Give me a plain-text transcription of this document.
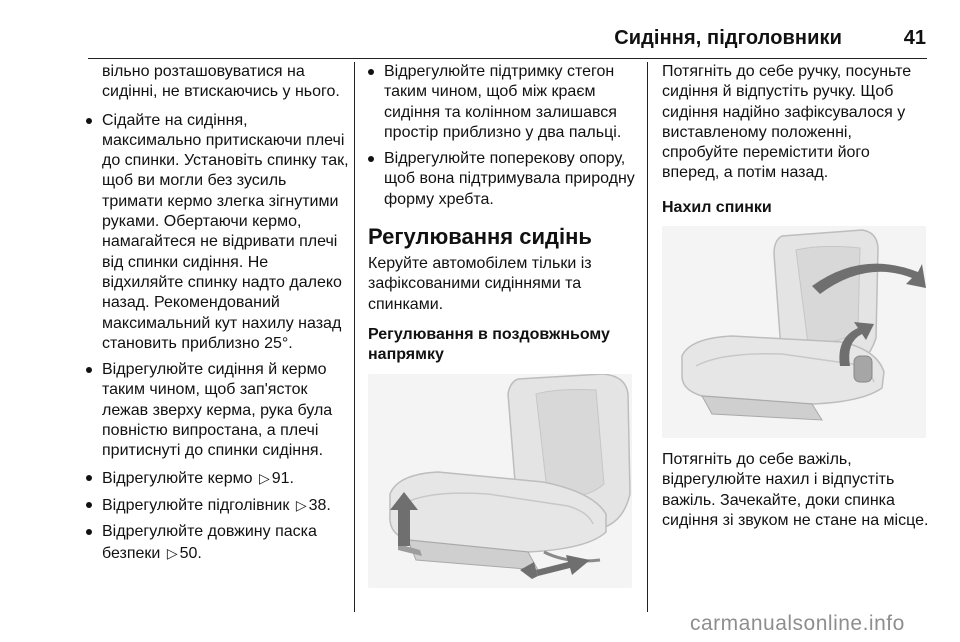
Сидіння, підголовники	41

вільно розташовуватися на сидінні, не втискаючись у нього.

Сідайте на сидіння, максимально притискаючи плечі до спинки. Установіть спинку так, щоб ви могли без зусиль тримати кермо злегка зігнутими руками. Обертаючи кермо, намагайтеся не відривати плечі від спинки сидіння. Не відхиляйте спинку надто далеко назад. Рекомендований максимальний кут нахилу назад становить приблизно 25°.
Відрегулюйте сидіння й кермо таким чином, щоб зап'ясток лежав зверху керма, рука була повністю випростана, а плечі притиснуті до спинки сидіння.
Відрегулюйте кермо ▷ 91.
Відрегулюйте підголівник ▷ 38.
Відрегулюйте довжину паска безпеки ▷ 50.
Відрегулюйте підтримку стегон таким чином, щоб між краєм сидіння та колінном залишався простір приблизно у два пальці.
Відрегулюйте поперекову опору, щоб вона підтримувала природну форму хребта.
Регулювання сидінь

Керуйте автомобілем тільки із зафіксованими сидіннями та спинками.

Регулювання в поздовжньому напрямку

Потягніть до себе ручку, посуньте сидіння й відпустіть ручку. Щоб сидіння надійно зафіксувалося у виставленому положенні, спробуйте перемістити його вперед, а потім назад.

Нахил спинки

Потягніть до себе важіль, відрегулюйте нахил і відпустіть важіль. Зачекайте, доки спинка сидіння зі звуком не стане на місце.

carmanualsonline.info
